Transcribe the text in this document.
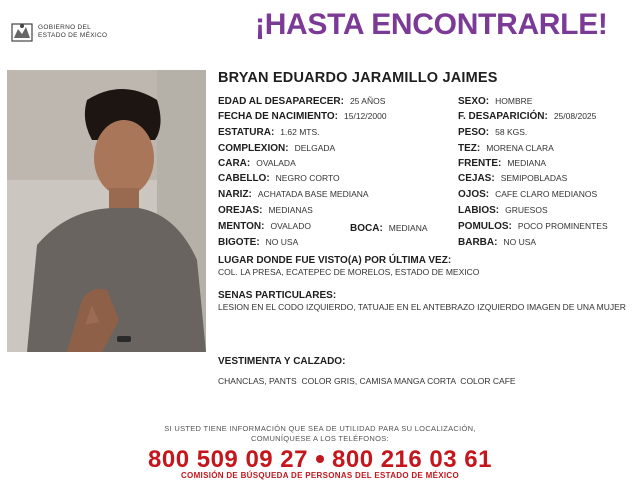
GOBIERNO DEL
ESTADO DE MÉXICO	¡HASTA ENCONTRARLE!
BRYAN EDUARDO JARAMILLO JAIMES
EDAD AL DESAPARECER: 25 AÑOS
FECHA DE NACIMIENTO: 15/12/2000
ESTATURA: 1.62 MTS.
COMPLEXION: DELGADA
CARA: OVALADA
CABELLO: NEGRO CORTO
NARIZ: ACHATADA BASE MEDIANA
OREJAS: MEDIANAS
MENTON: OVALADO	BOCA: MEDIANA
BIGOTE: NO USA
SEXO: HOMBRE
F. DESAPARICIÓN: 25/08/2025
PESO: 58 KGS.
TEZ: MORENA CLARA
FRENTE: MEDIANA
CEJAS: SEMIPOBLADAS
OJOS: CAFE CLARO MEDIANOS
LABIOS: GRUESOS
POMULOS: POCO PROMINENTES
BARBA: NO USA
LUGAR DONDE FUE VISTO(A) POR ÚLTIMA VEZ:
COL. LA PRESA, ECATEPEC DE MORELOS, ESTADO DE MEXICO
SENAS PARTICULARES:
LESION EN EL CODO IZQUIERDO, TATUAJE EN EL ANTEBRAZO IZQUIERDO IMAGEN DE UNA MUJER
VESTIMENTA Y CALZADO:
CHANCLAS, PANTS  COLOR GRIS, CAMISA MANGA CORTA  COLOR CAFE
SI USTED TIENE INFORMACIÓN QUE SEA DE UTILIDAD PARA SU LOCALIZACIÓN,
COMUNÍQUESE A LOS TELÉFONOS:
800 509 09 27 800 216 03 61
COMISIÓN DE BÚSQUEDA DE PERSONAS DEL ESTADO DE MÉXICO
